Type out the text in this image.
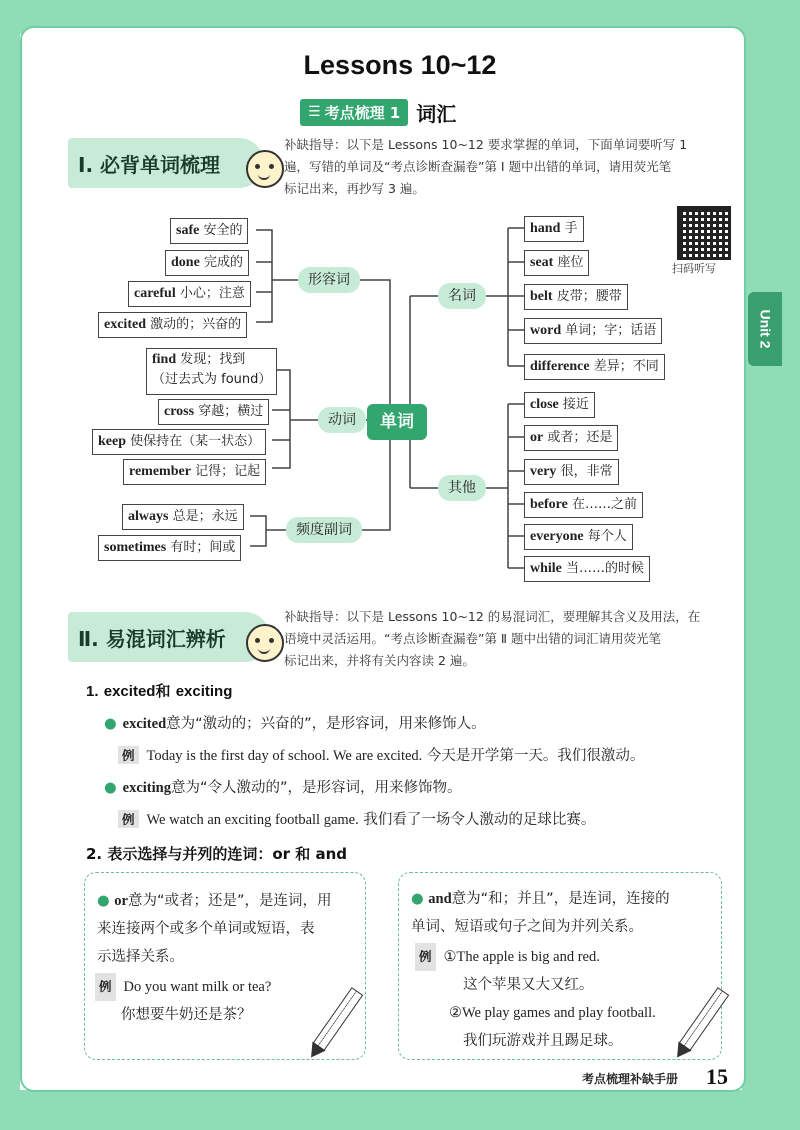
Unit 2
Lessons 10~12
☰ 考点梳理 1 词汇
Ⅰ. 必背单词梳理
补缺指导：以下是 Lessons 10~12 要求掌握的单词，下面单词要听写 1
遍，写错的单词及“考点诊断查漏卷”第 Ⅰ 题中出错的单词，请用荧光笔
标记出来，再抄写 3 遍。
扫码听写
safe 安全的
done 完成的
careful 小心；注意
excited 激动的；兴奋的
形容词
find 发现；找到
（过去式为 found）
cross 穿越；横过
keep 使保持在（某一状态）
remember 记得；记起
动词
always 总是；永远
sometimes 有时；间或
频度副词
单词
名词
hand 手
seat 座位
belt 皮带；腰带
word 单词；字；话语
difference 差异；不同
其他
close 接近
or 或者；还是
very 很，非常
before 在……之前
everyone 每个人
while 当……的时候
Ⅱ. 易混词汇辨析
补缺指导：以下是 Lessons 10~12 的易混词汇，要理解其含义及用法，在
语境中灵活运用。“考点诊断查漏卷”第 Ⅱ 题中出错的词汇请用荧光笔
标记出来，并将有关内容读 2 遍。
1. excited和 exciting
● excited意为“激动的；兴奋的”，是形容词，用来修饰人。
例 Today is the first day of school. We are excited. 今天是开学第一天。我们很激动。
● exciting意为“令人激动的”，是形容词，用来修饰物。
例 We watch an exciting football game. 我们看了一场令人激动的足球比赛。
2. 表示选择与并列的连词：or 和 and
● or意为“或者；还是”，是连词，用
来连接两个或多个单词或短语，表
示选择关系。
例 Do you want milk or tea?
你想要牛奶还是茶？
● and意为“和；并且”，是连词，连接的
单词、短语或句子之间为并列关系。
例 ①The apple is big and red.
这个苹果又大又红。
②We play games and play football.
我们玩游戏并且踢足球。
考点梳理补缺手册 15
